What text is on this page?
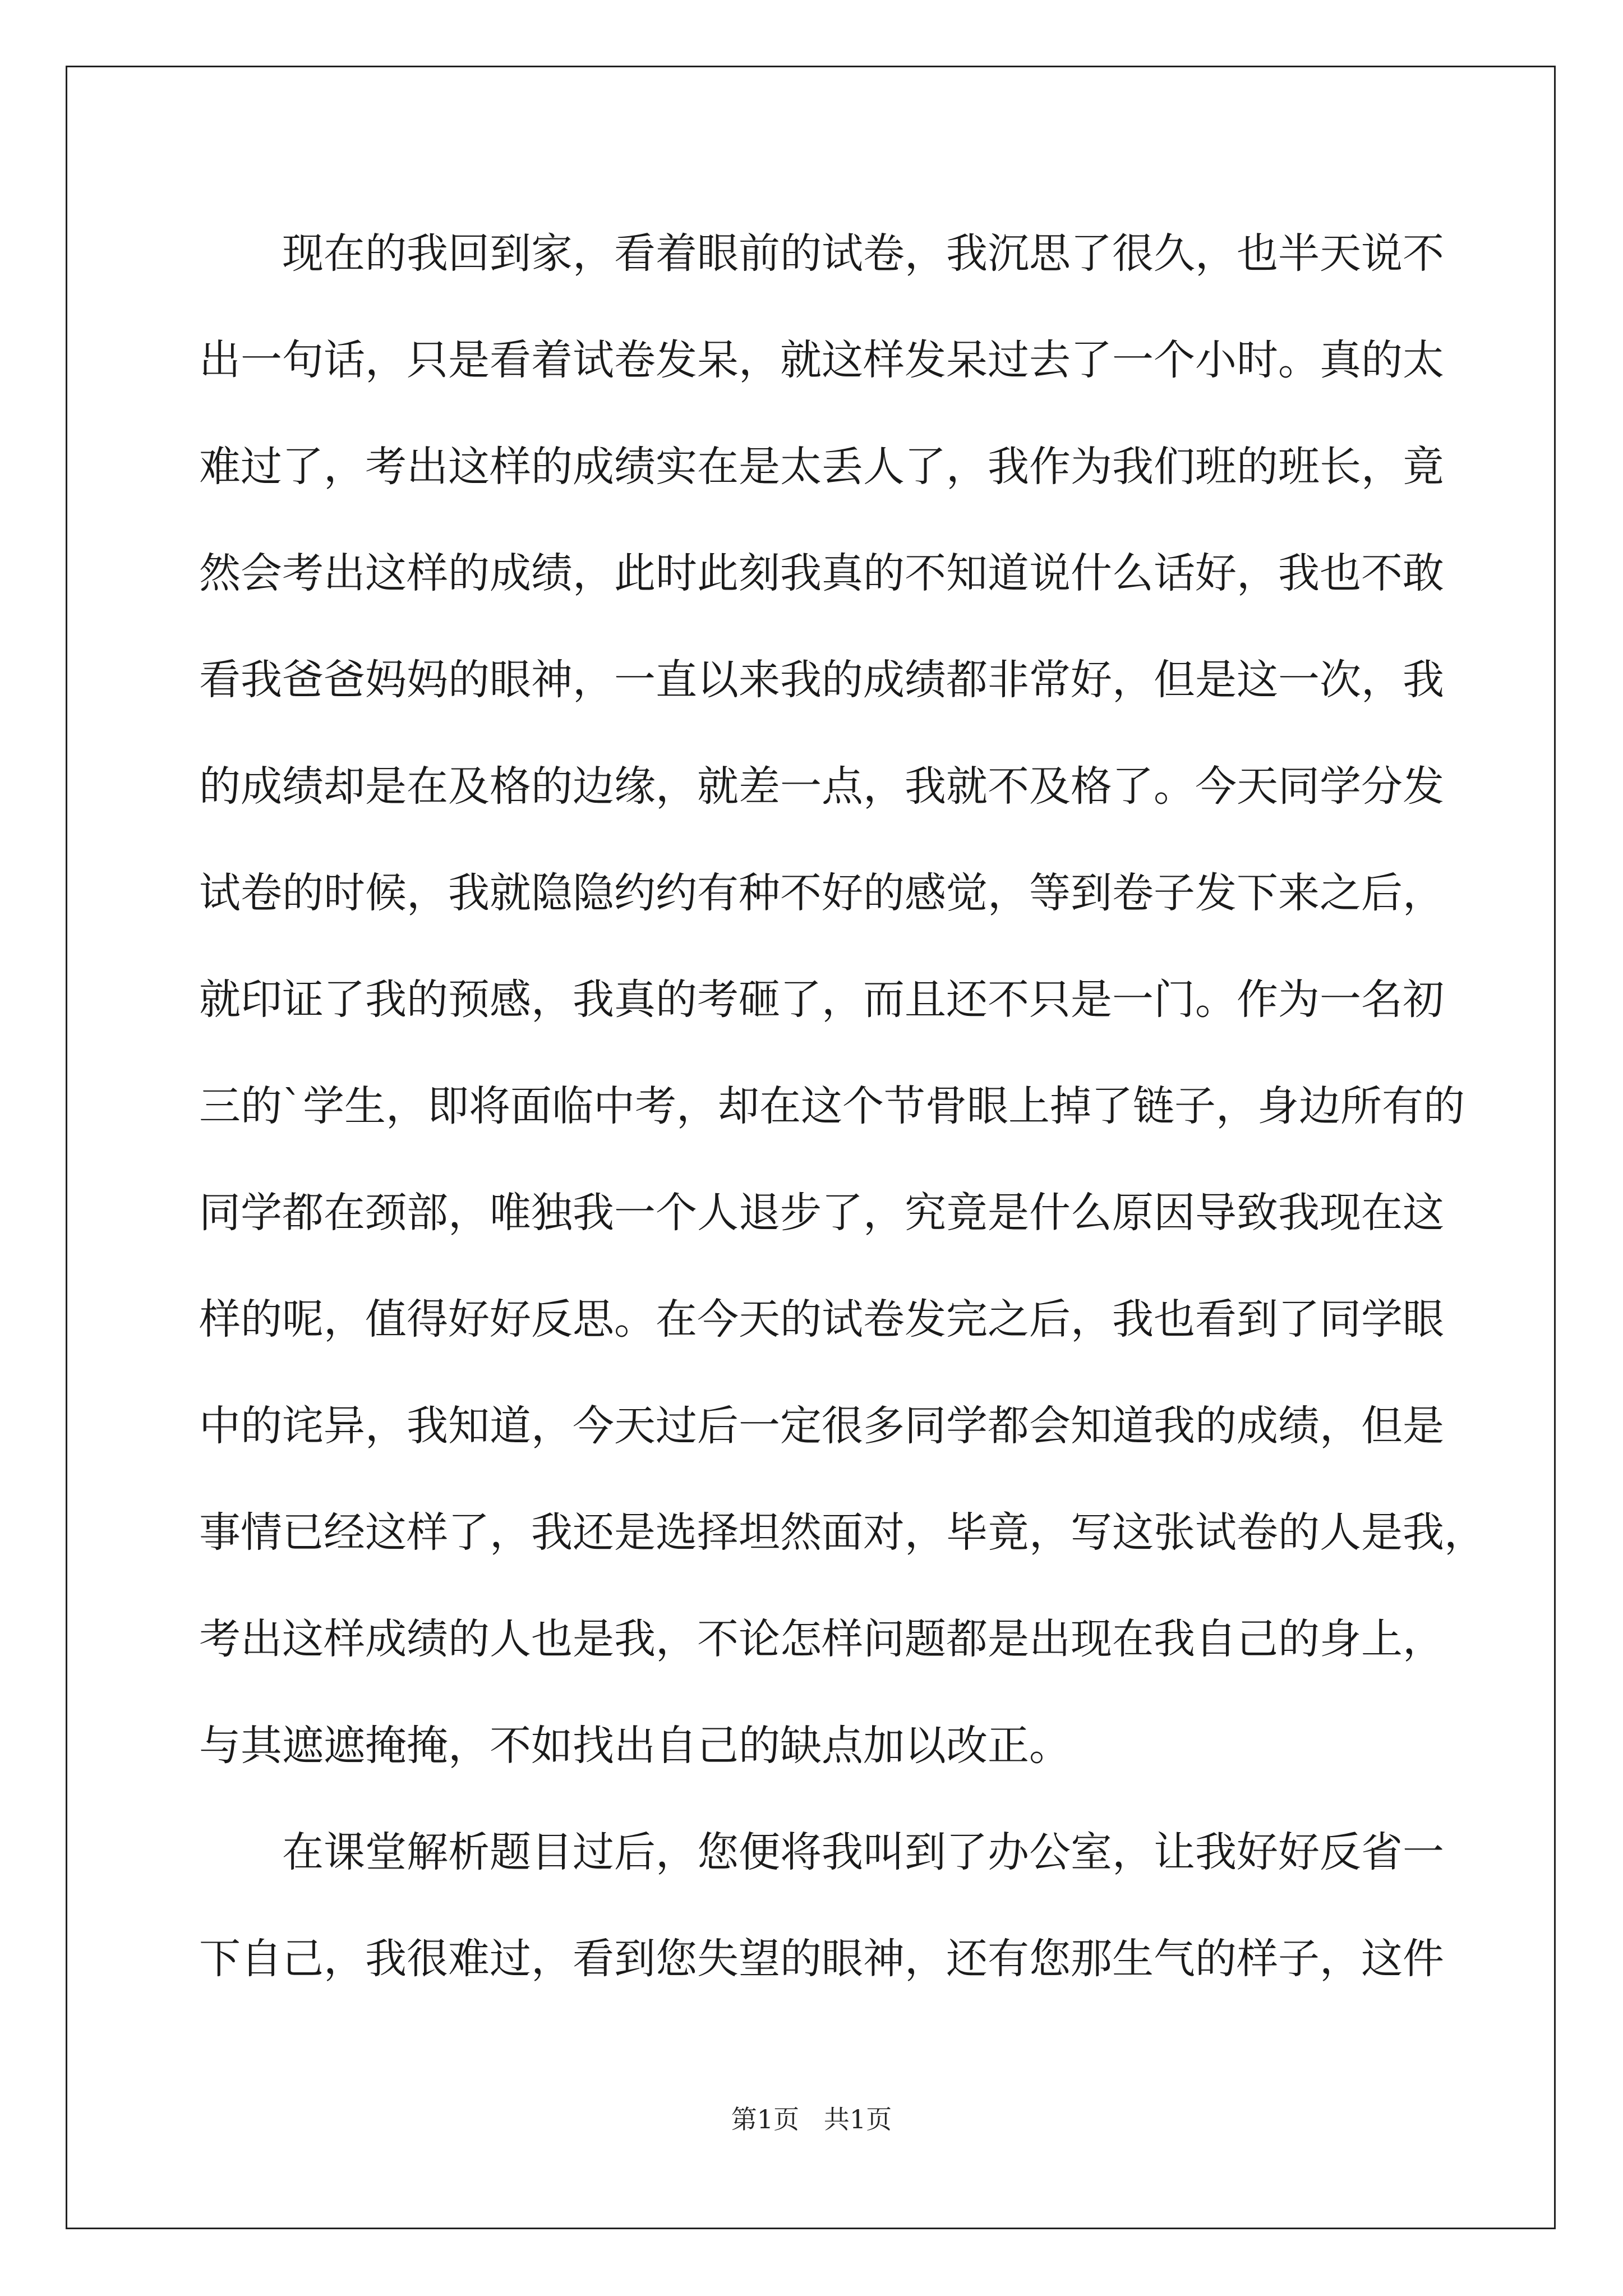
现在的我回到家，看着眼前的试卷，我沉思了很久，也半天说不
出一句话，只是看着试卷发呆，就这样发呆过去了一个小时。真的太
难过了，考出这样的成绩实在是太丢人了，我作为我们班的班长，竟
然会考出这样的成绩，此时此刻我真的不知道说什么话好，我也不敢
看我爸爸妈妈的眼神，一直以来我的成绩都非常好，但是这一次，我
的成绩却是在及格的边缘，就差一点，我就不及格了。今天同学分发
试卷的时候，我就隐隐约约有种不好的感觉，等到卷子发下来之后，
就印证了我的预感，我真的考砸了，而且还不只是一门。作为一名初
三的`学生，即将面临中考，却在这个节骨眼上掉了链子，身边所有的
同学都在颈部，唯独我一个人退步了，究竟是什么原因导致我现在这
样的呢，值得好好反思。在今天的试卷发完之后，我也看到了同学眼
中的诧异，我知道，今天过后一定很多同学都会知道我的成绩，但是
事情已经这样了，我还是选择坦然面对，毕竟，写这张试卷的人是我，
考出这样成绩的人也是我，不论怎样问题都是出现在我自己的身上，
与其遮遮掩掩，不如找出自己的缺点加以改正。
在课堂解析题目过后，您便将我叫到了办公室，让我好好反省一
下自己，我很难过，看到您失望的眼神，还有您那生气的样子，这件
第1页   共1页
